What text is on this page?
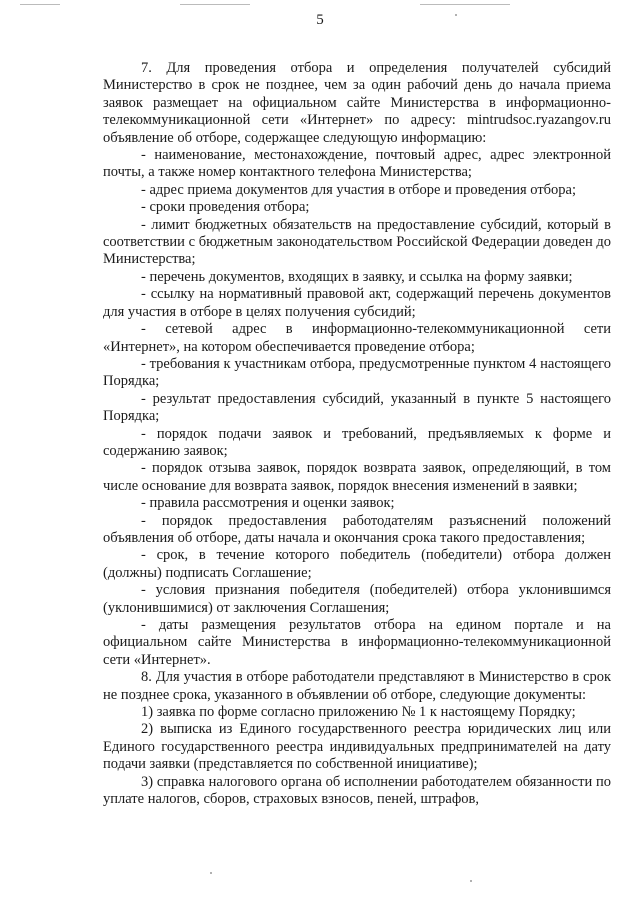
5

7. Для проведения отбора и определения получателей субсидий Министерство в срок не позднее, чем за один рабочий день до начала приема заявок размещает на официальном сайте Министерства в информационно-телекоммуникационной сети «Интернет» по адресу: mintrudsoc.ryazangov.ru объявление об отборе, содержащее следующую информацию:

- наименование, местонахождение, почтовый адрес, адрес электронной почты, а также номер контактного телефона Министерства;

- адрес приема документов для участия в отборе и проведения отбора;

- сроки проведения отбора;

- лимит бюджетных обязательств на предоставление субсидий, который в соответствии с бюджетным законодательством Российской Федерации доведен до Министерства;

- перечень документов, входящих в заявку, и ссылка на форму заявки;

- ссылку на нормативный правовой акт, содержащий перечень документов для участия в отборе в целях получения субсидий;

- сетевой адрес в информационно-телекоммуникационной сети «Интернет», на котором обеспечивается проведение отбора;

- требования к участникам отбора, предусмотренные пунктом 4 настоящего Порядка;

- результат предоставления субсидий, указанный в пункте 5 настоящего Порядка;

- порядок подачи заявок и требований, предъявляемых к форме и содержанию заявок;

- порядок отзыва заявок, порядок возврата заявок, определяющий, в том числе основание для возврата заявок, порядок внесения изменений в заявки;

- правила рассмотрения и оценки заявок;

- порядок предоставления работодателям разъяснений положений объявления об отборе, даты начала и окончания срока такого предоставления;

- срок, в течение которого победитель (победители) отбора должен (должны) подписать Соглашение;

- условия признания победителя (победителей) отбора уклонившимся (уклонившимися) от заключения Соглашения;

- даты размещения результатов отбора на едином портале и на официальном сайте Министерства в информационно-телекоммуникационной сети «Интернет».

8. Для участия в отборе работодатели представляют в Министерство в срок не позднее срока, указанного в объявлении об отборе, следующие документы:

1) заявка по форме согласно приложению № 1 к настоящему Порядку;

2) выписка из Единого государственного реестра юридических лиц или Единого государственного реестра индивидуальных предпринимателей на дату подачи заявки (представляется по собственной инициативе);

3) справка налогового органа об исполнении работодателем обязанности по уплате налогов, сборов, страховых взносов, пеней, штрафов,
